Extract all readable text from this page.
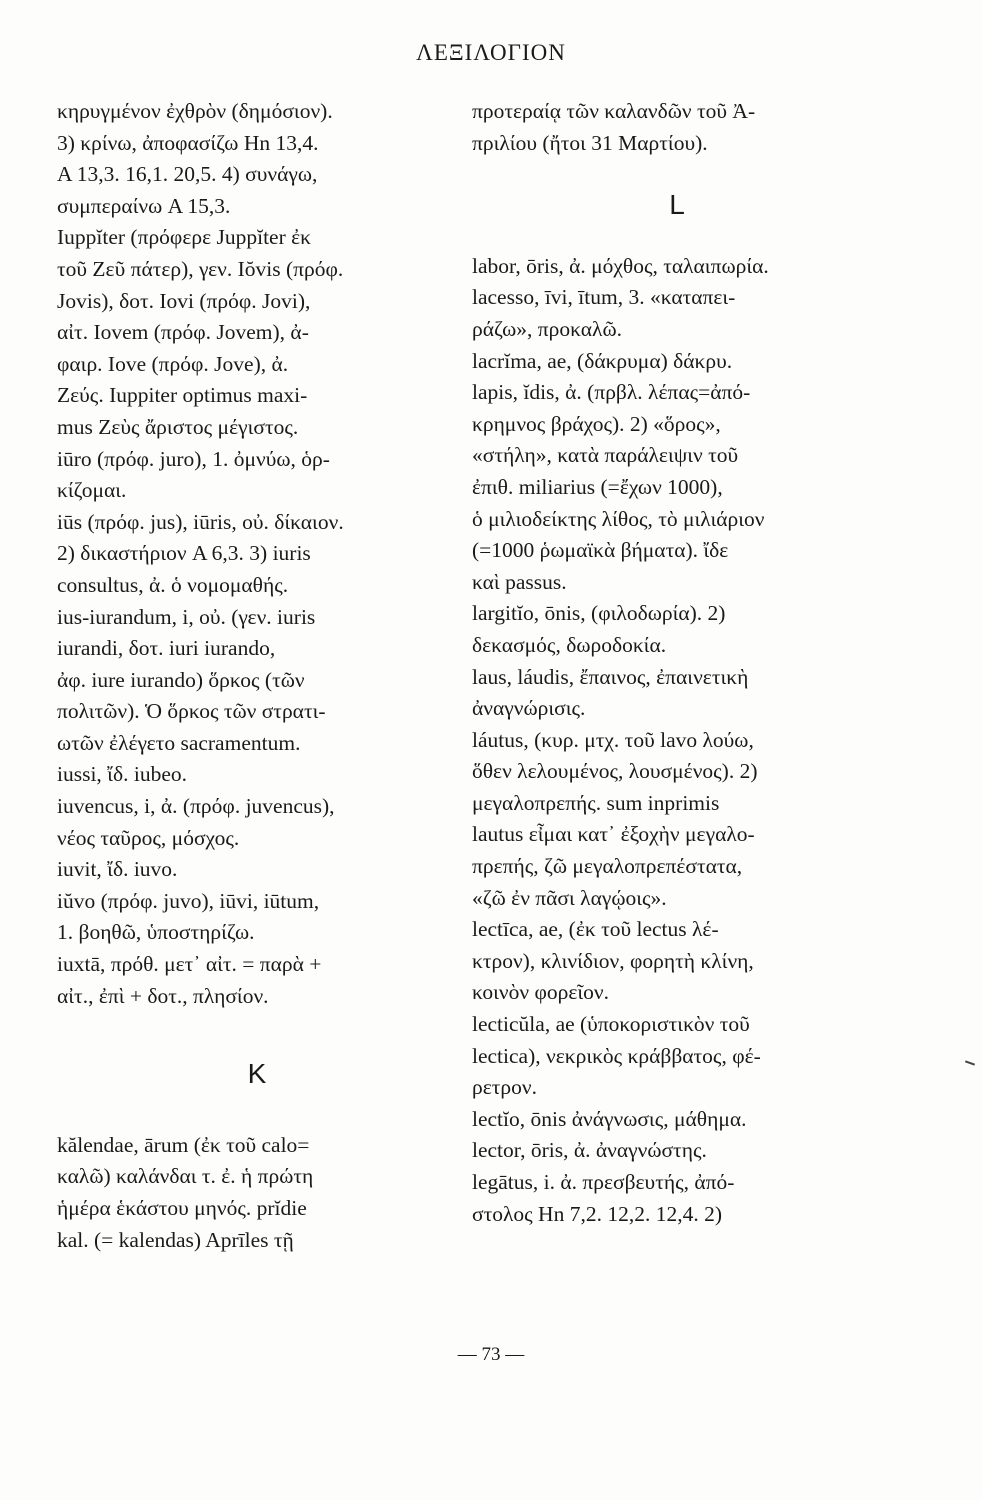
ΛΕΞΙΛΟΓΙΟΝ
κηρυγμένον ἐχθρὸν (δημόσιον).
3) κρίνω, ἀποφασίζω Hn 13,4.
A 13,3. 16,1. 20,5. 4) συνάγω,
συμπεραίνω A 15,3.
Iuppĭter (πρόφερε Juppĭter ἐκ
τοῦ Ζεῦ πάτερ), γεν. Iŏvis (πρόφ.
Jovis), δοτ. Iovi (πρόφ. Jovi),
αἰτ. Iovem (πρόφ. Jovem), ἀ-
φαιρ. Iove (πρόφ. Jove), ἀ.
Ζεύς. Iuppiter optimus maxi-
mus Ζεὺς ἄριστος μέγιστος.
iūro (πρόφ. juro), 1. ὀμνύω, ὁρ-
κίζομαι.
iūs (πρόφ. jus), iūris, οὐ. δίκαιον.
2) δικαστήριον A 6,3. 3) iuris
consultus, ἀ. ὁ νομομαθής.
ius-iurandum, i, οὐ. (γεν. iuris
iurandi, δοτ. iuri iurando,
ἀφ. iure iurando) ὅρκος (τῶν
πολιτῶν). Ὁ ὅρκος τῶν στρατι-
ωτῶν ἐλέγετο sacramentum.
iussi, ἴδ. iubeo.
iuvencus, i, ἀ. (πρόφ. juvencus),
νέος ταῦρος, μόσχος.
iuvit, ἴδ. iuvo.
iŭvo (πρόφ. juvo), iūvi, iūtum,
1. βοηθῶ, ὑποστηρίζω.
iuxtā, πρόθ. μετ᾽ αἰτ. = παρὰ +
αἰτ., ἐπὶ + δοτ., πλησίον.
K
kălendae, ārum (ἐκ τοῦ calo=
καλῶ) καλάνδαι τ. ἐ. ἡ πρώτη
ἡμέρα ἑκάστου μηνός. prĭdie
kal. (= kalendas) Aprīles τῇ
προτεραίᾳ τῶν καλανδῶν τοῦ Ἀ-
πριλίου (ἤτοι 31 Μαρτίου).
L
labor, ōris, ἀ. μόχθος, ταλαιπωρία.
lacesso, īvi, ītum, 3. «καταπει-
ράζω», προκαλῶ.
lacrĭma, ae, (δάκρυμα) δάκρυ.
lapis, ĭdis, ἀ. (πρβλ. λέπας=ἀπό-
κρημνος βράχος). 2) «ὅρος»,
«στήλη», κατὰ παράλειψιν τοῦ
ἐπιθ. miliarius (=ἔχων 1000),
ὁ μιλιοδείκτης λίθος, τὸ μιλιάριον
(=1000 ῥωμαϊκὰ βήματα). ἴδε
καὶ passus.
largitĭo, ōnis, (φιλοδωρία). 2)
δεκασμός, δωροδοκία.
laus, láudis, ἔπαινος, ἐπαινετικὴ
ἀναγνώρισις.
láutus, (κυρ. μτχ. τοῦ lavo λούω,
ὅθεν λελουμένος, λουσμένος). 2)
μεγαλοπρεπής. sum inprimis
lautus εἶμαι κατ᾽ ἐξοχὴν μεγαλο-
πρεπής, ζῶ μεγαλοπρεπέστατα,
«ζῶ ἐν πᾶσι λαγῴοις».
lectīca, ae, (ἐκ τοῦ lectus λέ-
κτρον), κλινίδιον, φορητὴ κλίνη,
κοινὸν φορεῖον.
lecticŭla, ae (ὑποκοριστικὸν τοῦ
lectica), νεκρικὸς κράββατος, φέ-
ρετρον.
lectĭo, ōnis ἀνάγνωσις, μάθημα.
lector, ōris, ἀ. ἀναγνώστης.
legātus, i. ἀ. πρεσβευτής, ἀπό-
στολος Hn 7,2. 12,2. 12,4. 2)
— 73 —
